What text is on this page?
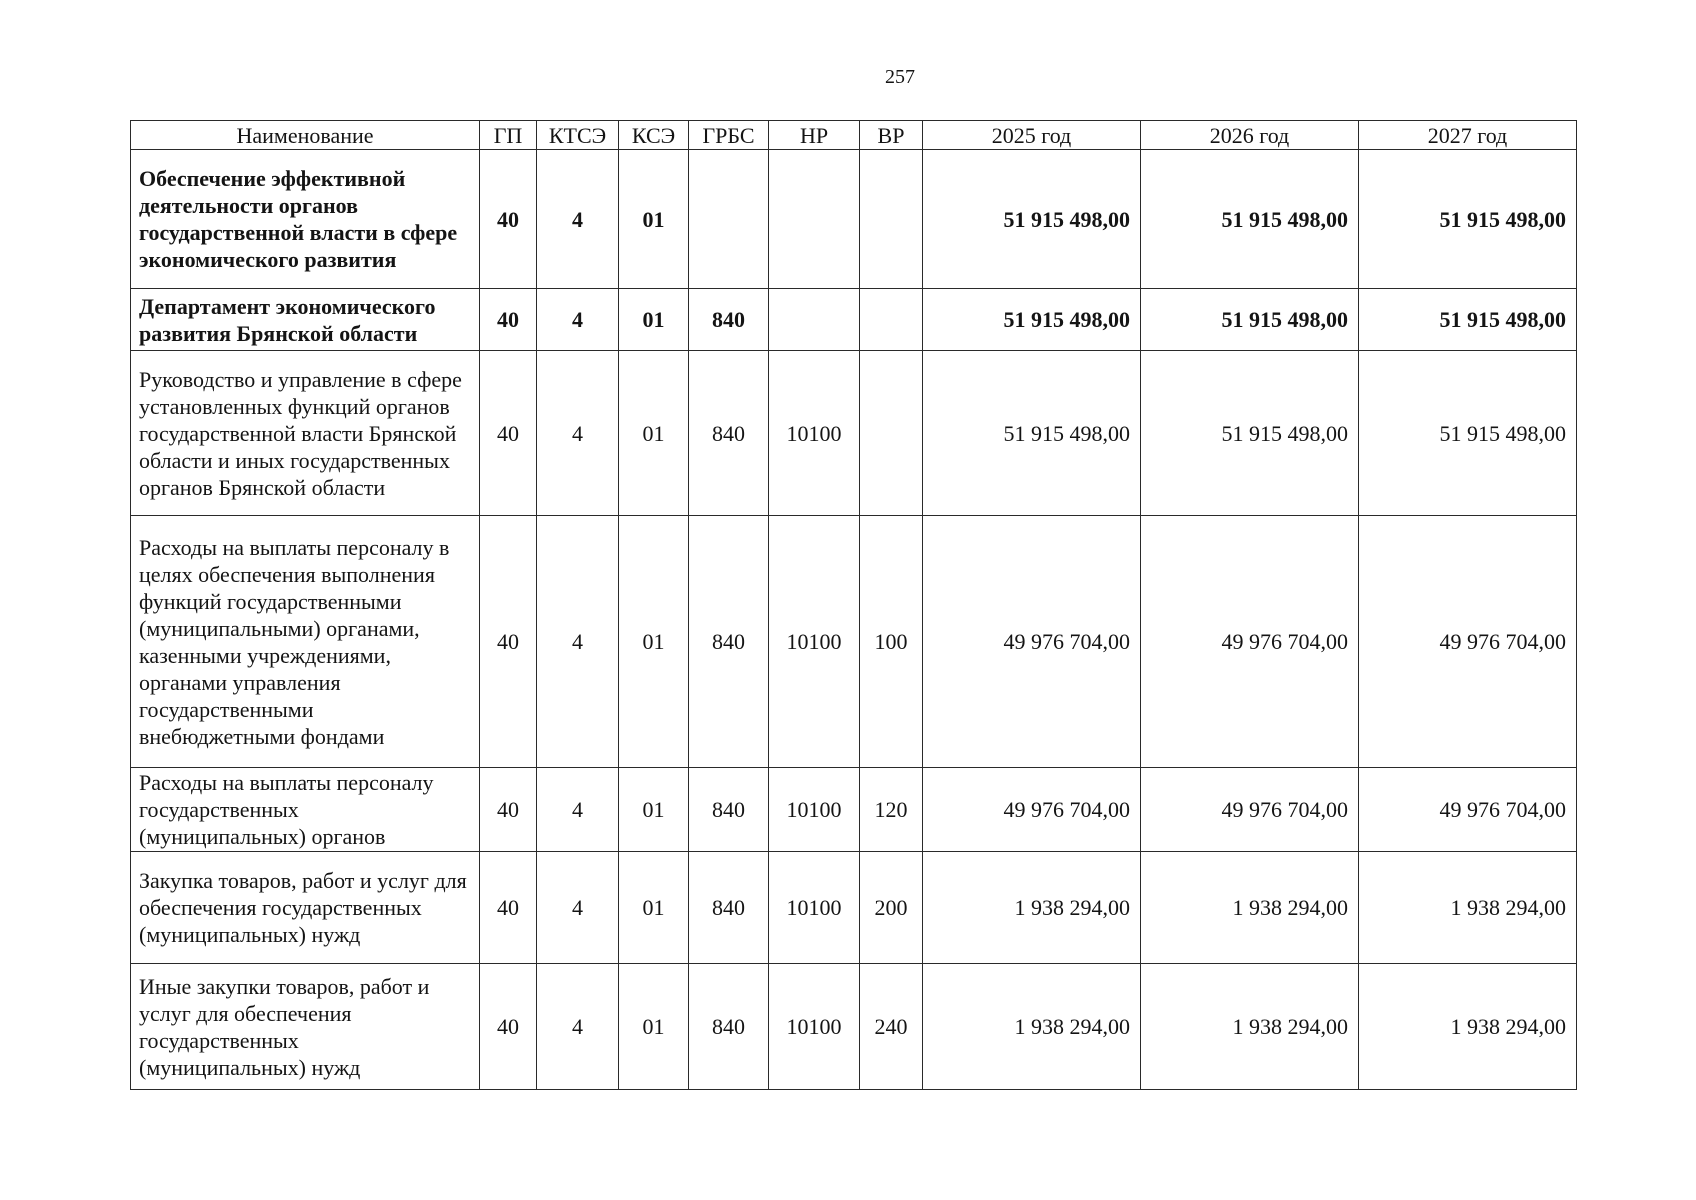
257
Наименование	ГП	КТСЭ	КСЭ	ГРБС	НР	ВР	2025 год	2026 год	2027 год
Обеспечение эффективной деятельности органов государственной власти в сфере экономического развития	40	4	01				51 915 498,00	51 915 498,00	51 915 498,00
Департамент экономического развития Брянской области	40	4	01	840			51 915 498,00	51 915 498,00	51 915 498,00
Руководство и управление в сфере установленных функций органов государственной власти Брянской области и иных государственных органов Брянской области	40	4	01	840	10100		51 915 498,00	51 915 498,00	51 915 498,00
Расходы на выплаты персоналу в целях обеспечения выполнения функций государственными (муниципальными) органами, казенными учреждениями, органами управления государственными внебюджетными фондами	40	4	01	840	10100	100	49 976 704,00	49 976 704,00	49 976 704,00
Расходы на выплаты персоналу государственных (муниципальных) органов	40	4	01	840	10100	120	49 976 704,00	49 976 704,00	49 976 704,00
Закупка товаров, работ и услуг для обеспечения государственных (муниципальных) нужд	40	4	01	840	10100	200	1 938 294,00	1 938 294,00	1 938 294,00
Иные закупки товаров, работ и услуг для обеспечения государственных (муниципальных) нужд	40	4	01	840	10100	240	1 938 294,00	1 938 294,00	1 938 294,00
